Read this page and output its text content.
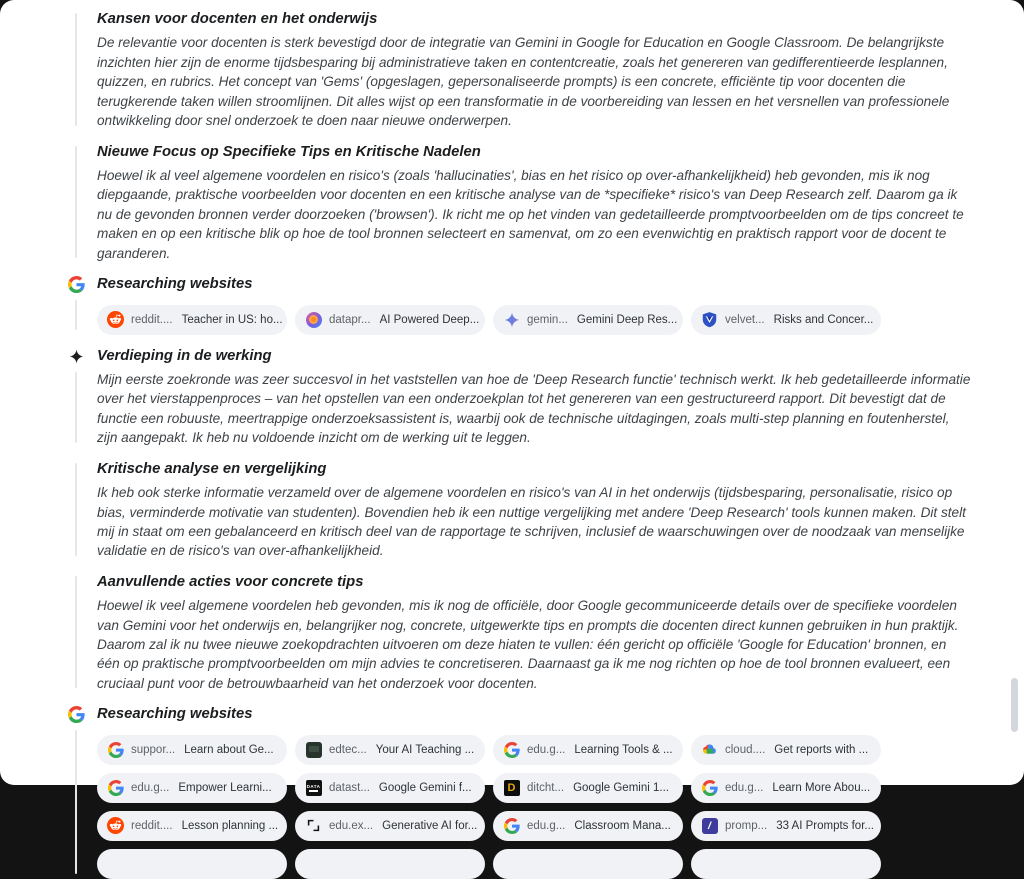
Kansen voor docenten en het onderwijs

De relevantie voor docenten is sterk bevestigd door de integratie van Gemini in Google for Education en Google Classroom. De belangrijkste inzichten hier zijn de enorme tijdsbesparing bij administratieve taken en contentcreatie, zoals het genereren van gedifferentieerde lesplannen, quizzen, en rubrics. Het concept van 'Gems' (opgeslagen, gepersonaliseerde prompts) is een concrete, efficiënte tip voor docenten die terugkerende taken willen stroomlijnen. Dit alles wijst op een transformatie in de voorbereiding van lessen en het versnellen van professionele ontwikkeling door snel onderzoek te doen naar nieuwe onderwerpen.

Nieuwe Focus op Specifieke Tips en Kritische Nadelen

Hoewel ik al veel algemene voordelen en risico's (zoals 'hallucinaties', bias en het risico op over-afhankelijkheid) heb gevonden, mis ik nog diepgaande, praktische voorbeelden voor docenten en een kritische analyse van de *specifieke* risico's van Deep Research zelf. Daarom ga ik nu de gevonden bronnen verder doorzoeken ('browsen'). Ik richt me op het vinden van gedetailleerde promptvoorbeelden om de tips concreet te maken en op een kritische blik op hoe de tool bronnen selecteert en samenvat, om zo een evenwichtig en praktisch rapport voor de docent te garanderen.

Researching websites

reddit.... Teacher in US: ho...	datapr... AI Powered Deep...	gemin... Gemini Deep Res...	velvet... Risks and Concer...

Verdieping in de werking

Mijn eerste zoekronde was zeer succesvol in het vaststellen van hoe de 'Deep Research functie' technisch werkt. Ik heb gedetailleerde informatie over het vierstappenproces – van het opstellen van een onderzoekplan tot het genereren van een gestructureerd rapport. Dit bevestigt dat de functie een robuuste, meertrappige onderzoeksassistent is, waarbij ook de technische uitdagingen, zoals multi-step planning en foutenherstel, zijn aangepakt. Ik heb nu voldoende inzicht om de werking uit te leggen.

Kritische analyse en vergelijking

Ik heb ook sterke informatie verzameld over de algemene voordelen en risico's van AI in het onderwijs (tijdsbesparing, personalisatie, risico op bias, verminderde motivatie van studenten). Bovendien heb ik een nuttige vergelijking met andere 'Deep Research' tools kunnen maken. Dit stelt mij in staat om een gebalanceerd en kritisch deel van de rapportage te schrijven, inclusief de waarschuwingen over de noodzaak van menselijke validatie en de risico's van over-afhankelijkheid.

Aanvullende acties voor concrete tips

Hoewel ik veel algemene voordelen heb gevonden, mis ik nog de officiële, door Google gecommuniceerde details over de specifieke voordelen van Gemini voor het onderwijs en, belangrijker nog, concrete, uitgewerkte tips en prompts die docenten direct kunnen gebruiken in hun praktijk. Daarom zal ik nu twee nieuwe zoekopdrachten uitvoeren om deze hiaten te vullen: één gericht op officiële 'Google for Education' bronnen, en één op praktische promptvoorbeelden om mijn advies te concretiseren. Daarnaast ga ik me nog richten op hoe de tool bronnen evalueert, een cruciaal punt voor de betrouwbaarheid van het onderzoek voor docenten.

Researching websites

suppor... Learn about Ge...	edtec... Your AI Teaching ...	edu.g... Learning Tools & ...	cloud.... Get reports with ...
edu.g... Empower Learni...	DATA datast... Google Gemini f...	D	ditcht... Google Gemini 1...	edu.g... Learn More Abou...
reddit.... Lesson planning ...	edu.ex... Generative AI for...	edu.g... Classroom Mana...	/	promp... 33 AI Prompts for...
